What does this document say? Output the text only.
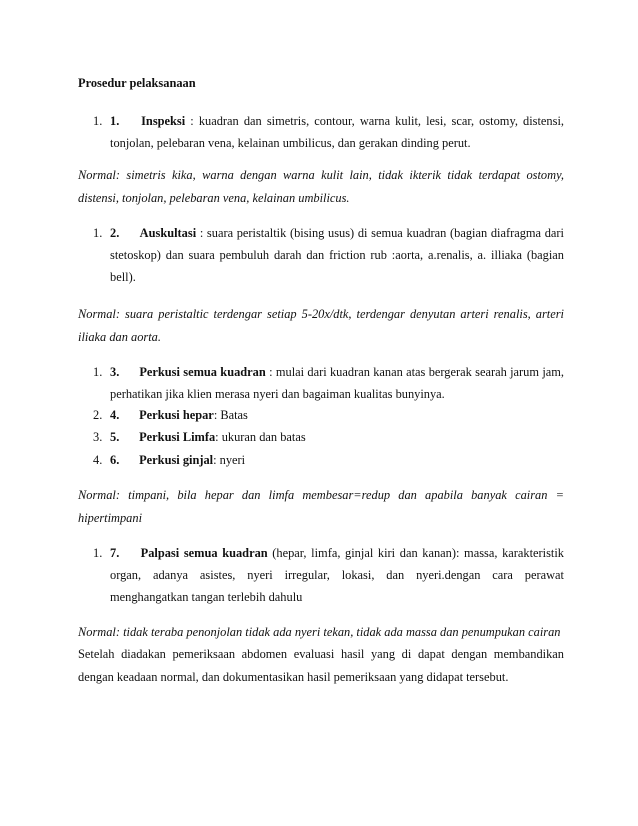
Prosedur pelaksanaan
1. 1. Inspeksi : kuadran dan simetris, contour, warna kulit, lesi, scar, ostomy, distensi, tonjolan, pelebaran vena, kelainan umbilicus, dan gerakan dinding perut.
Normal: simetris kika, warna dengan warna kulit lain, tidak ikterik tidak terdapat ostomy, distensi, tonjolan, pelebaran vena, kelainan umbilicus.
1. 2. Auskultasi : suara peristaltik (bising usus) di semua kuadran (bagian diafragma dari stetoskop) dan suara pembuluh darah dan friction rub :aorta, a.renalis, a. illiaka (bagian bell).
Normal: suara peristaltic terdengar setiap 5-20x/dtk, terdengar denyutan arteri renalis, arteri iliaka dan aorta.
1. 3. Perkusi semua kuadran : mulai dari kuadran kanan atas bergerak searah jarum jam, perhatikan jika klien merasa nyeri dan bagaiman kualitas bunyinya.
2. 4. Perkusi hepar: Batas
3. 5. Perkusi Limfa: ukuran dan batas
4. 6. Perkusi ginjal: nyeri
Normal: timpani, bila hepar dan limfa membesar=redup dan apabila banyak cairan = hipertimpani
1. 7. Palpasi semua kuadran (hepar, limfa, ginjal kiri dan kanan): massa, karakteristik organ, adanya asistes, nyeri irregular, lokasi, dan nyeri.dengan cara perawat menghangatkan tangan terlebih dahulu
Normal: tidak teraba penonjolan tidak ada nyeri tekan, tidak ada massa dan penumpukan cairan
Setelah diadakan pemeriksaan abdomen evaluasi hasil yang di dapat dengan membandikan dengan keadaan normal, dan dokumentasikan hasil pemeriksaan yang didapat tersebut.
